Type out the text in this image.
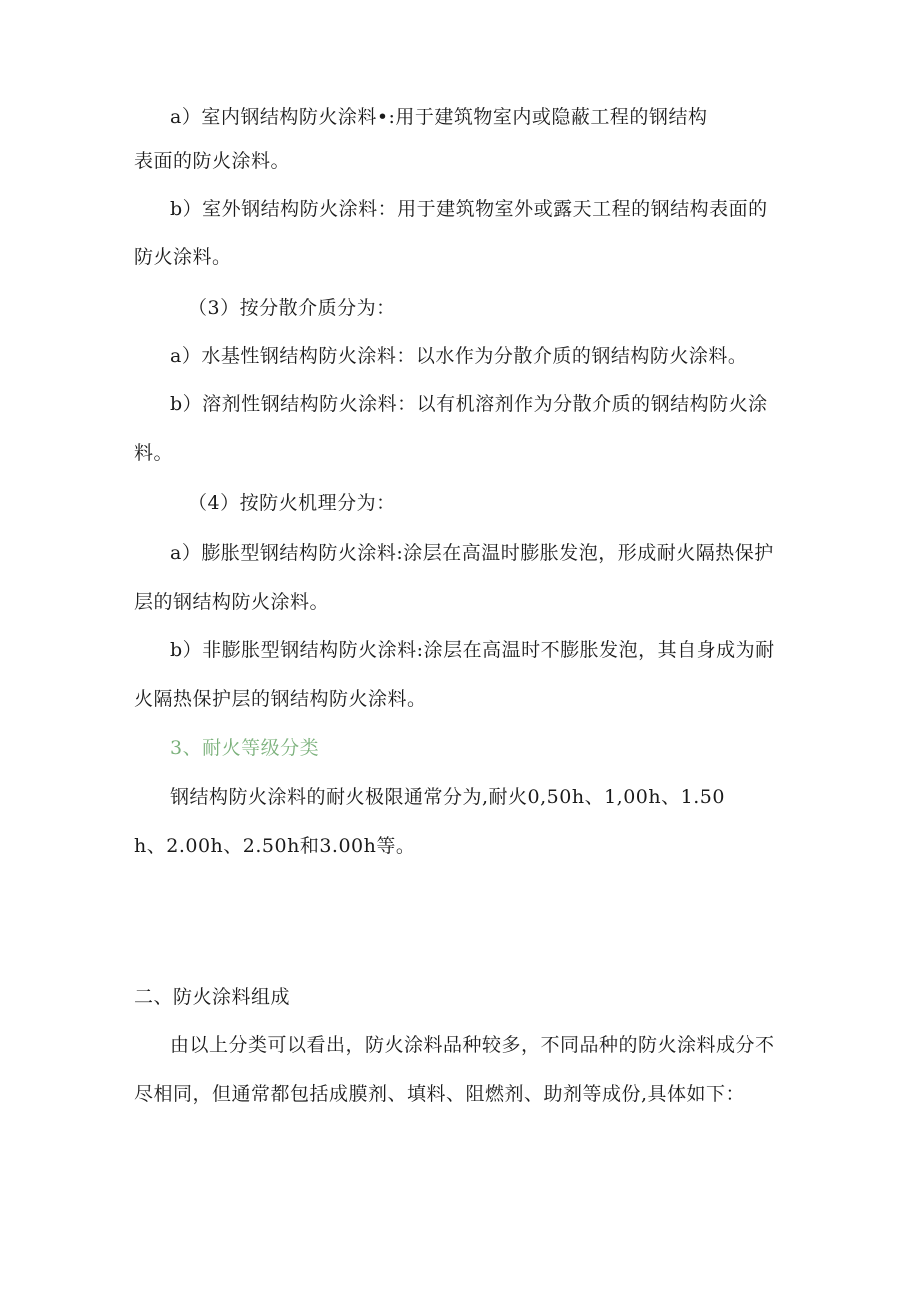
a）室内钢结构防火涂料•:用于建筑物室内或隐蔽工程的钢结构
表面的防火涂料。
b）室外钢结构防火涂料：用于建筑物室外或露天工程的钢结构表面的
防火涂料。
（3）按分散介质分为：
a）水基性钢结构防火涂料：以水作为分散介质的钢结构防火涂料。
b）溶剂性钢结构防火涂料：以有机溶剂作为分散介质的钢结构防火涂
料。
（4）按防火机理分为：
a）膨胀型钢结构防火涂料:涂层在高温时膨胀发泡，形成耐火隔热保护
层的钢结构防火涂料。
b）非膨胀型钢结构防火涂料:涂层在高温时不膨胀发泡，其自身成为耐
火隔热保护层的钢结构防火涂料。
3、耐火等级分类
钢结构防火涂料的耐火极限通常分为,耐火0,50h、1,00h、1.50
h、2.00h、2.50h和3.00h等。
二、防火涂料组成
由以上分类可以看出，防火涂料品种较多，不同品种的防火涂料成分不
尽相同，但通常都包括成膜剂、填料、阻燃剂、助剂等成份,具体如下：
